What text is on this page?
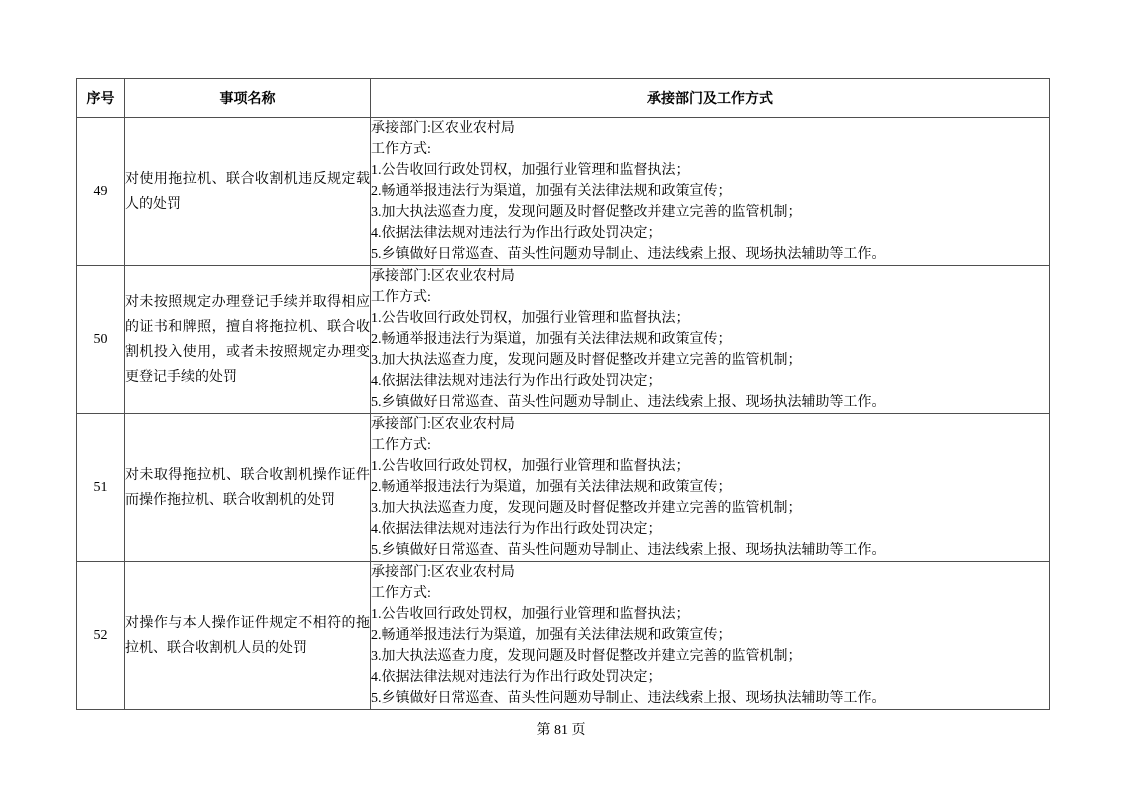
序号	事项名称	承接部门及工作方式
49	对使用拖拉机、联合收割机违反规定载人的处罚	
承接部门:区农业农村局
工作方式:
1.公告收回行政处罚权，加强行业管理和监督执法；
2.畅通举报违法行为渠道，加强有关法律法规和政策宣传；
3.加大执法巡查力度，发现问题及时督促整改并建立完善的监管机制；
4.依据法律法规对违法行为作出行政处罚决定；
5.乡镇做好日常巡查、苗头性问题劝导制止、违法线索上报、现场执法辅助等工作。

50	对未按照规定办理登记手续并取得相应的证书和牌照，擅自将拖拉机、联合收割机投入使用，或者未按照规定办理变更登记手续的处罚	
承接部门:区农业农村局
工作方式:
1.公告收回行政处罚权，加强行业管理和监督执法；
2.畅通举报违法行为渠道，加强有关法律法规和政策宣传；
3.加大执法巡查力度，发现问题及时督促整改并建立完善的监管机制；
4.依据法律法规对违法行为作出行政处罚决定；
5.乡镇做好日常巡查、苗头性问题劝导制止、违法线索上报、现场执法辅助等工作。

51	对未取得拖拉机、联合收割机操作证件而操作拖拉机、联合收割机的处罚	
承接部门:区农业农村局
工作方式:
1.公告收回行政处罚权，加强行业管理和监督执法；
2.畅通举报违法行为渠道，加强有关法律法规和政策宣传；
3.加大执法巡查力度，发现问题及时督促整改并建立完善的监管机制；
4.依据法律法规对违法行为作出行政处罚决定；
5.乡镇做好日常巡查、苗头性问题劝导制止、违法线索上报、现场执法辅助等工作。

52	对操作与本人操作证件规定不相符的拖拉机、联合收割机人员的处罚	
承接部门:区农业农村局
工作方式:
1.公告收回行政处罚权，加强行业管理和监督执法；
2.畅通举报违法行为渠道，加强有关法律法规和政策宣传；
3.加大执法巡查力度，发现问题及时督促整改并建立完善的监管机制；
4.依据法律法规对违法行为作出行政处罚决定；
5.乡镇做好日常巡查、苗头性问题劝导制止、违法线索上报、现场执法辅助等工作。
第 81 页
